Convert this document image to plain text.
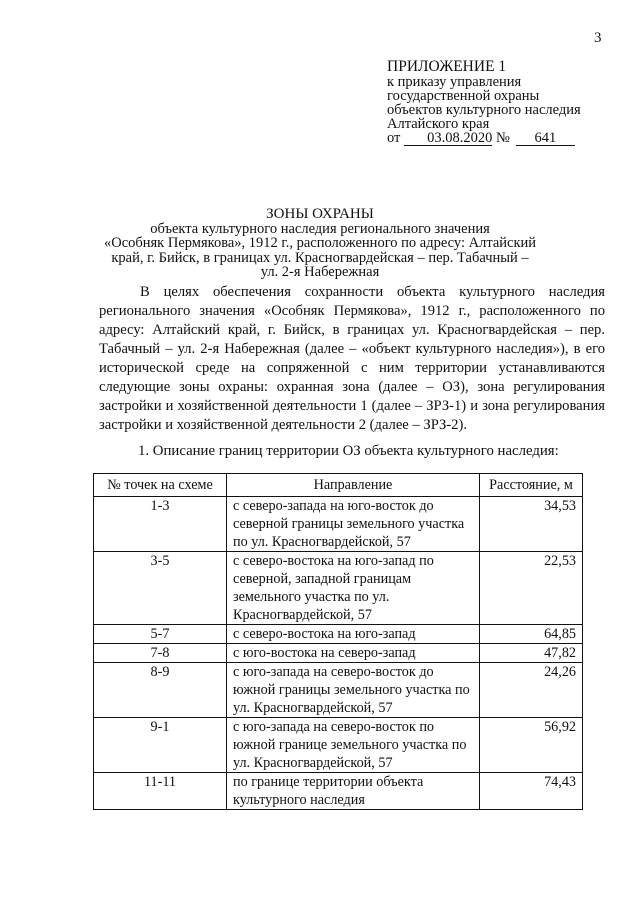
3
ПРИЛОЖЕНИЕ 1
к приказу управления
государственной охраны
объектов культурного наследия
Алтайского края
от 03.08.2020 № 641
ЗОНЫ ОХРАНЫ
объекта культурного наследия регионального значения
«Особняк Пермякова», 1912 г., расположенного по адресу: Алтайский
край, г. Бийск, в границах ул. Красногвардейская – пер. Табачный –
ул. 2-я Набережная

В целях обеспечения сохранности объекта культурного наследия регионального значения «Особняк Пермякова», 1912 г., расположенного по адресу: Алтайский край, г. Бийск, в границах ул. Красногвардейская – пер. Табачный – ул. 2-я Набережная (далее – «объект культурного наследия»), в его исторической среде на сопряженной с ним территории устанавливаются следующие зоны охраны: охранная зона (далее – ОЗ), зона регулирования застройки и хозяйственной деятельности 1 (далее – ЗРЗ-1) и зона регулирования застройки и хозяйственной деятельности 2 (далее – ЗРЗ-2).

1. Описание границ территории ОЗ объекта культурного наследия:
№ точек на схеме	Направление	Расстояние, м
1-3	с северо-запада на юго-восток до северной границы земельного участка по ул. Красногвардейской, 57	34,53
3-5	с северо-востока на юго-запад по северной, западной границам земельного участка по ул. Красногвардейской, 57	22,53
5-7	с северо-востока на юго-запад	64,85
7-8	с юго-востока на северо-запад	47,82
8-9	с юго-запада на северо-восток до южной границы земельного участка по ул. Красногвардейской, 57	24,26
9-1	с юго-запада на северо-восток по южной границе земельного участка по ул. Красногвардейской, 57	56,92
11-11	по границе территории объекта культурного наследия	74,43
